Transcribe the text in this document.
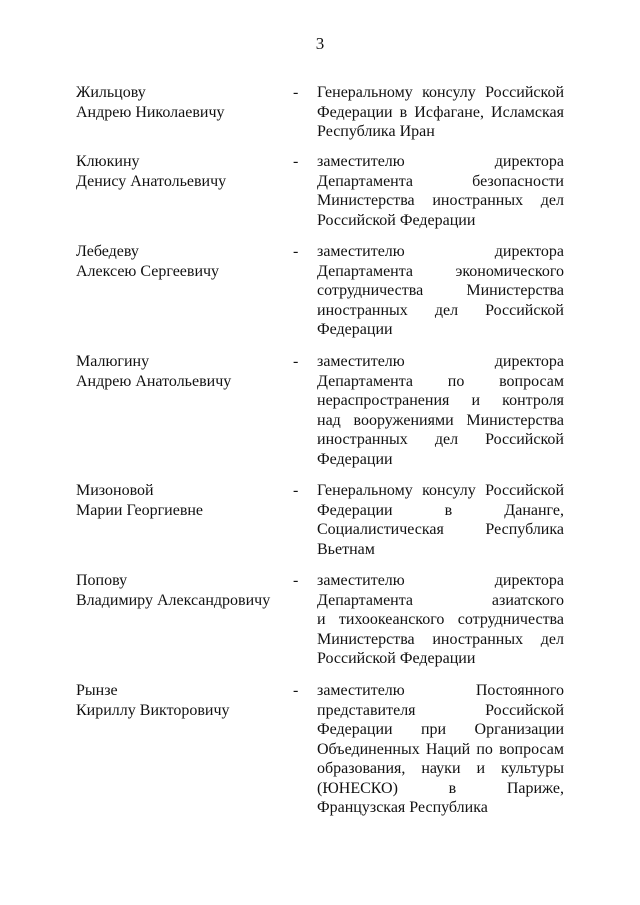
3
Жильцову
Андрею Николаевичу
- Генеральному консулу Российской
Федерации в Исфагане, Исламская
Республика Иран
Клюкину
Денису Анатольевичу
- заместителю директора
Департамента безопасности
Министерства иностранных дел
Российской Федерации
Лебедеву
Алексею Сергеевичу
- заместителю директора
Департамента экономического
сотрудничества Министерства
иностранных дел Российской
Федерации
Малюгину
Андрею Анатольевичу
- заместителю директора
Департамента по вопросам
нераспространения и контроля
над вооружениями Министерства
иностранных дел Российской
Федерации
Мизоновой
Марии Георгиевне
- Генеральному консулу Российской
Федерации в Дананге,
Социалистическая Республика
Вьетнам
Попову
Владимиру Александровичу
- заместителю директора
Департамента азиатского
и тихоокеанского сотрудничества
Министерства иностранных дел
Российской Федерации
Рынзе
Кириллу Викторовичу
- заместителю Постоянного
представителя Российской
Федерации при Организации
Объединенных Наций по вопросам
образования, науки и культуры
(ЮНЕСКО) в Париже,
Французская Республика
